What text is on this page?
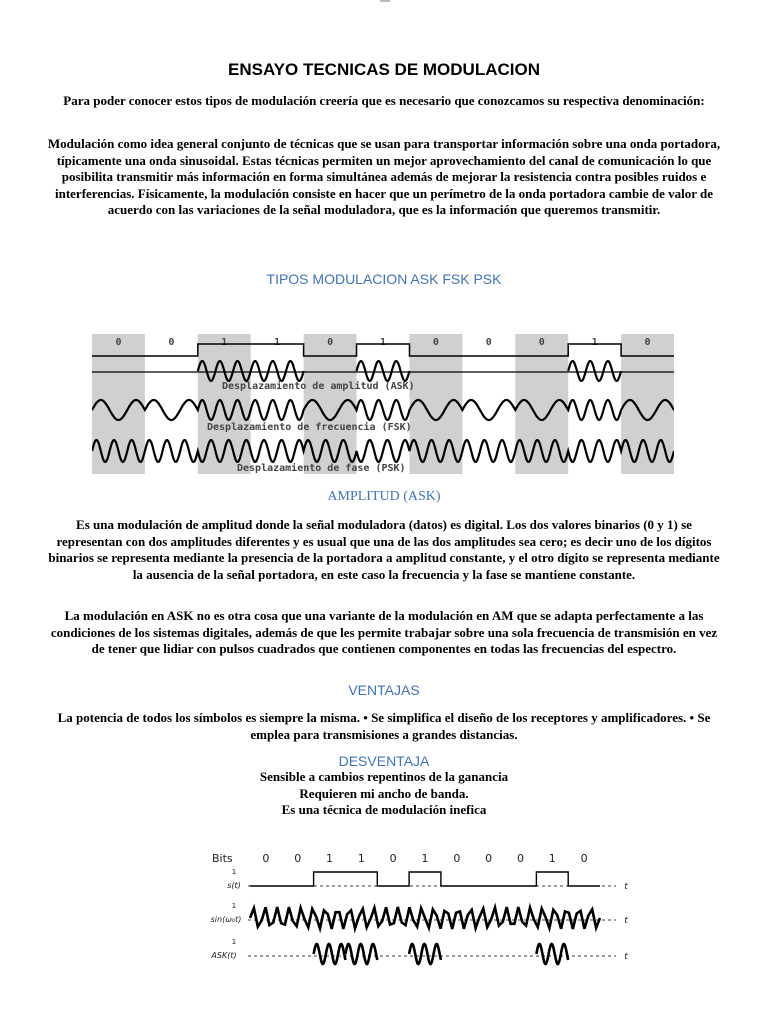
ENSAYO TECNICAS DE MODULACION

Para poder conocer estos tipos de modulación creería que es necesario que conozcamos su respectiva denominación:

Modulación como idea general conjunto de técnicas que se usan para transportar información sobre una onda portadora, típicamente una onda sinusoidal. Estas técnicas permiten un mejor aprovechamiento del canal de comunicación lo que posibilita transmitir más información en forma simultánea además de mejorar la resistencia contra posibles ruidos e interferencias. Físicamente, la modulación consiste en hacer que un perímetro de la onda portadora cambie de valor de acuerdo con las variaciones de la señal moduladora, que es la información que queremos transmitir.

TIPOS MODULACION ASK FSK PSK
0	0	1	1	0	1	0	0	0	1	0
Desplazamiento de amplitud (ASK)
Desplazamiento de frecuencia (FSK)
Desplazamiento de fase (PSK)
AMPLITUD (ASK)

Es una modulación de amplitud donde la señal moduladora (datos) es digital. Los dos valores binarios (0 y 1) se representan con dos amplitudes diferentes y es usual que una de las dos amplitudes sea cero; es decir uno de los dígitos binarios se representa mediante la presencia de la portadora a amplitud constante, y el otro dígito se representa mediante la ausencia de la señal portadora, en este caso la frecuencia y la fase se mantiene constante.

La modulación en ASK no es otra cosa que una variante de la modulación en AM que se adapta perfectamente a las condiciones de los sistemas digitales, además de que les permite trabajar sobre una sola frecuencia de transmisión en vez de tener que lidiar con pulsos cuadrados que contienen componentes en todas las frecuencias del espectro.

VENTAJAS

La potencia de todos los símbolos es siempre la misma. • Se simplifica el diseño de los receptores y amplificadores. • Se emplea para transmisiones a grandes distancias.

DESVENTAJA
Sensible a cambios repentinos de la ganancia
Requieren mi ancho de banda.
Es una técnica de modulación inefica
Bits	0 0 1 1 0 1 0 0 0 1 0
1
s(t)	t
1
sin(ω₀t)	t
1
ASK(t)	t
